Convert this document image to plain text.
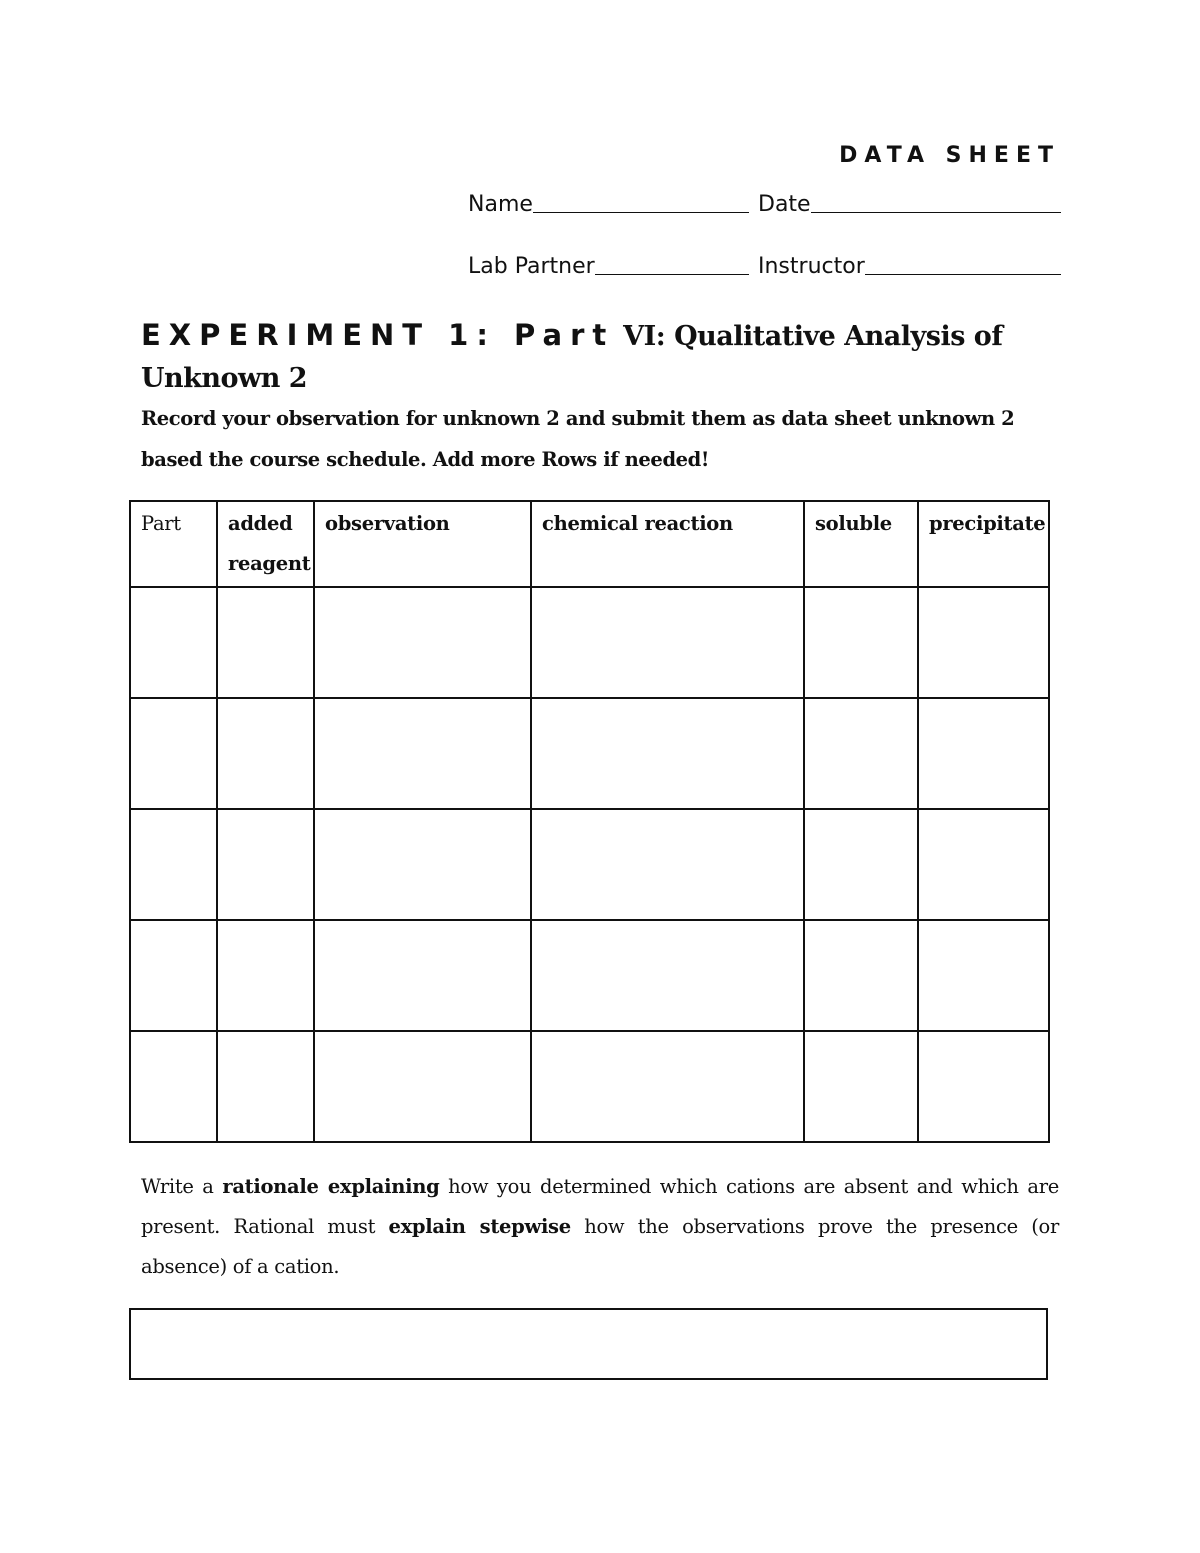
DATA SHEET
Name	Date
Lab Partner	Instructor
EXPERIMENT 1: Part VI: Qualitative Analysis of Unknown 2
Record your observation for unknown 2 and submit them as data sheet unknown 2 based the course schedule. Add more Rows if needed!
Part	added reagent	observation	chemical reaction	soluble	precipitate

Write a rationale explaining how you determined which cations are absent and which are present. Rational must explain stepwise how the observations prove the presence (or absence) of a cation.
